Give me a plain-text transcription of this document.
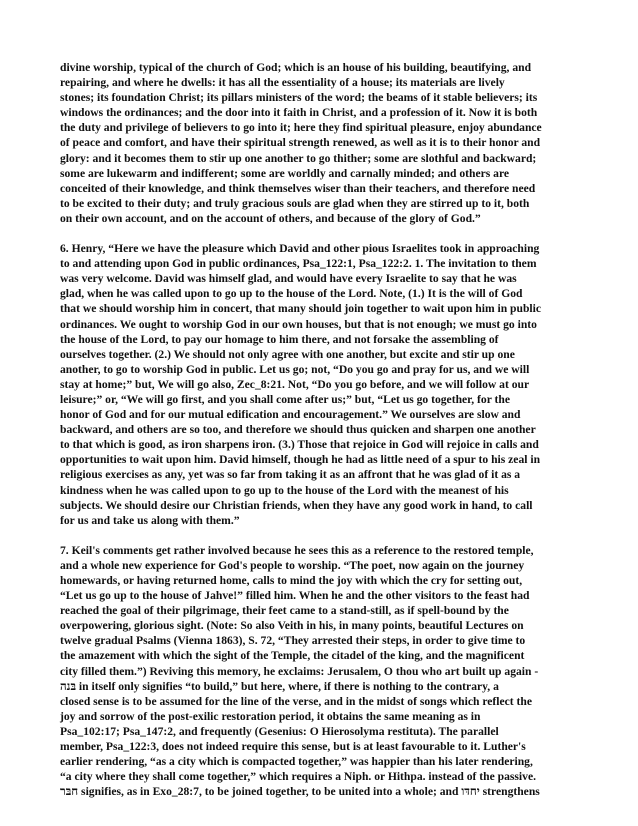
divine worship, typical of the church of God; which is an house of his building, beautifying, and
repairing, and where he dwells: it has all the essentiality of a house; its materials are lively
stones; its foundation Christ; its pillars ministers of the word; the beams of it stable believers; its
windows the ordinances; and the door into it faith in Christ, and a profession of it. Now it is both
the duty and privilege of believers to go into it; here they find spiritual pleasure, enjoy abundance
of peace and comfort, and have their spiritual strength renewed, as well as it is to their honor and
glory: and it becomes them to stir up one another to go thither; some are slothful and backward;
some are lukewarm and indifferent; some are worldly and carnally minded; and others are
conceited of their knowledge, and think themselves wiser than their teachers, and therefore need
to be excited to their duty; and truly gracious souls are glad when they are stirred up to it, both
on their own account, and on the account of others, and because of the glory of God.”
6. Henry, “Here we have the pleasure which David and other pious Israelites took in approaching
to and attending upon God in public ordinances, Psa_122:1, Psa_122:2. 1. The invitation to them
was very welcome. David was himself glad, and would have every Israelite to say that he was
glad, when he was called upon to go up to the house of the Lord. Note, (1.) It is the will of God
that we should worship him in concert, that many should join together to wait upon him in public
ordinances. We ought to worship God in our own houses, but that is not enough; we must go into
the house of the Lord, to pay our homage to him there, and not forsake the assembling of
ourselves together. (2.) We should not only agree with one another, but excite and stir up one
another, to go to worship God in public. Let us go; not, “Do you go and pray for us, and we will
stay at home;” but, We will go also, Zec_8:21. Not, “Do you go before, and we will follow at our
leisure;” or, “We will go first, and you shall come after us;” but, “Let us go together, for the
honor of God and for our mutual edification and encouragement.” We ourselves are slow and
backward, and others are so too, and therefore we should thus quicken and sharpen one another
to that which is good, as iron sharpens iron. (3.) Those that rejoice in God will rejoice in calls and
opportunities to wait upon him. David himself, though he had as little need of a spur to his zeal in
religious exercises as any, yet was so far from taking it as an affront that he was glad of it as a
kindness when he was called upon to go up to the house of the Lord with the meanest of his
subjects. We should desire our Christian friends, when they have any good work in hand, to call
for us and take us along with them.”
7. Keil's comments get rather involved because he sees this as a reference to the restored temple,
and a whole new experience for God's people to worship. “The poet, now again on the journey
homewards, or having returned home, calls to mind the joy with which the cry for setting out,
“Let us go up to the house of Jahve!” filled him. When he and the other visitors to the feast had
reached the goal of their pilgrimage, their feet came to a stand-still, as if spell-bound by the
overpowering, glorious sight. (Note: So also Veith in his, in many points, beautiful Lectures on
twelve gradual Psalms (Vienna 1863), S. 72, “They arrested their steps, in order to give time to
the amazement with which the sight of the Temple, the citadel of the king, and the magnificent
city filled them.”) Reviving this memory, he exclaims: Jerusalem, O thou who art built up again -
בּנה in itself only signifies “to build,” but here, where, if there is nothing to the contrary, a
closed sense is to be assumed for the line of the verse, and in the midst of songs which reflect the
joy and sorrow of the post-exilic restoration period, it obtains the same meaning as in
Psa_102:17; Psa_147:2, and frequently (Gesenius: O Hierosolyma restituta). The parallel
member, Psa_122:3, does not indeed require this sense, but is at least favourable to it. Luther's
earlier rendering, “as a city which is compacted together,” was happier than his later rendering,
“a city where they shall come together,” which requires a Niph. or Hithpa. instead of the passive.
חבּר signifies, as in Exo_28:7, to be joined together, to be united into a whole; and יחדּו strengthens
